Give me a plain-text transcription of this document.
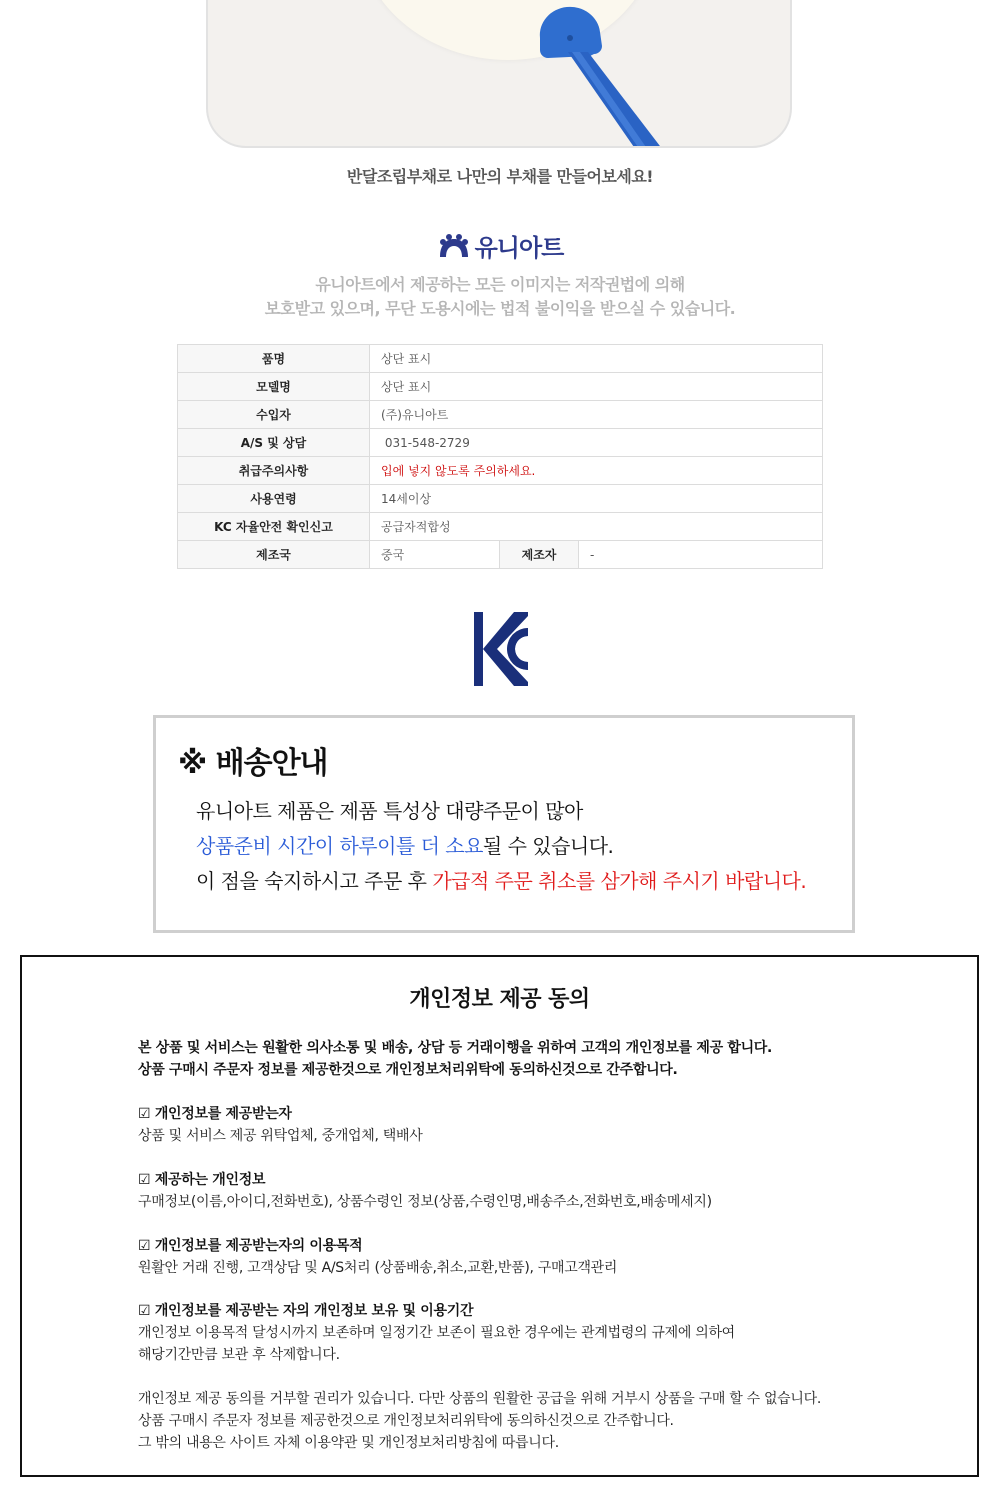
반달조립부채로 나만의 부채를 만들어보세요!
유니아트
유니아트에서 제공하는 모든 이미지는 저작권법에 의해
보호받고 있으며, 무단 도용시에는 법적 불이익을 받으실 수 있습니다.
품명	상단 표시		
모델명	상단 표시		
수입자	(주)유니아트		
A/S 및 상담	031-548-2729		
취급주의사항	입에 넣지 않도록 주의하세요.		
사용연령	14세이상		
KC 자율안전 확인신고	공급자적합성		
제조국	중국	제조자	-
※ 배송안내
유니아트 제품은 제품 특성상 대량주문이 많아
상품준비 시간이 하루이틀 더 소요될 수 있습니다.
이 점을 숙지하시고 주문 후 가급적 주문 취소를 삼가해 주시기 바랍니다.
개인정보 제공 동의
본 상품 및 서비스는 원활한 의사소통 및 배송, 상담 등 거래이행을 위하여 고객의 개인정보를 제공 합니다.
상품 구매시 주문자 정보를 제공한것으로 개인정보처리위탁에 동의하신것으로 간주합니다.
☑ 개인정보를 제공받는자
상품 및 서비스 제공 위탁업체, 중개업체, 택배사
☑ 제공하는 개인정보
구매정보(이름,아이디,전화번호), 상품수령인 정보(상품,수령인명,배송주소,전화번호,배송메세지)
☑ 개인정보를 제공받는자의 이용목적
원활안 거래 진행, 고객상담 및 A/S처리 (상품배송,취소,교환,반품), 구매고객관리
☑ 개인정보를 제공받는 자의 개인정보 보유 및 이용기간
개인정보 이용목적 달성시까지 보존하며 일정기간 보존이 필요한 경우에는 관계법령의 규제에 의하여
해당기간만큼 보관 후 삭제합니다.
개인정보 제공 동의를 거부할 권리가 있습니다. 다만 상품의 원활한 공급을 위해 거부시 상품을 구매 할 수 없습니다.
상품 구매시 주문자 정보를 제공한것으로 개인정보처리위탁에 동의하신것으로 간주합니다.
그 밖의 내용은 사이트 자체 이용약관 및 개인정보처리방침에 따릅니다.
